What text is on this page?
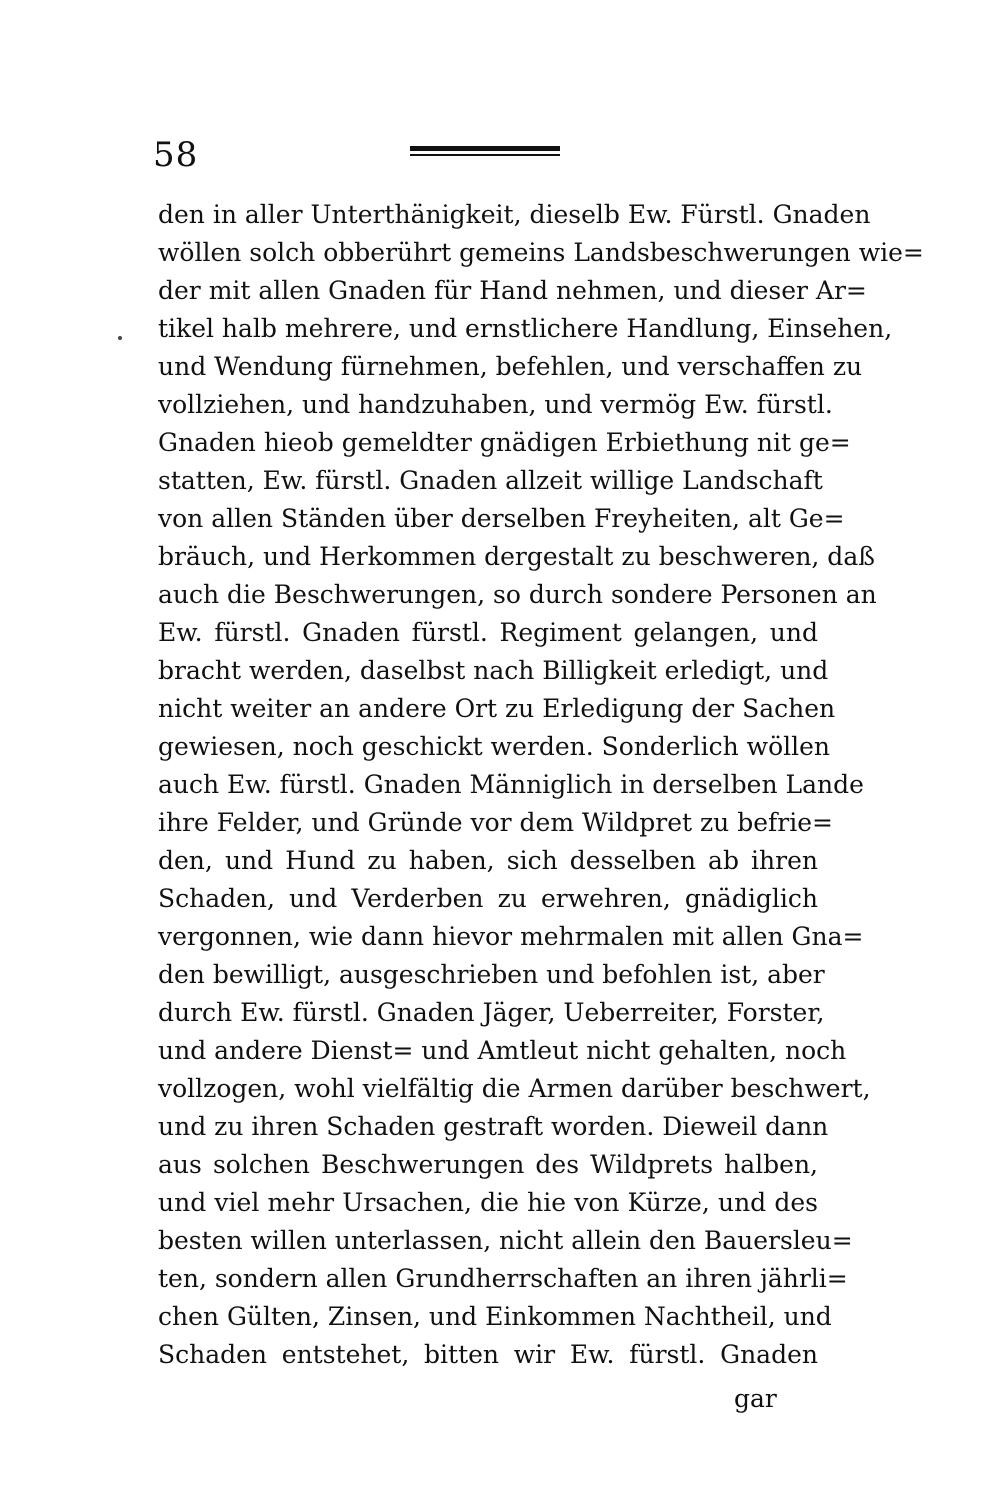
58
den in aller Unterthänigkeit, dieselb Ew. Fürstl. Gnaden
wöllen solch obberührt gemeins Landsbeschwerungen wie=
der mit allen Gnaden für Hand nehmen, und dieser Ar=
tikel halb mehrere, und ernstlichere Handlung, Einsehen,
und Wendung fürnehmen, befehlen, und verschaffen zu
vollziehen, und handzuhaben, und vermög Ew. fürstl.
Gnaden hieob gemeldter gnädigen Erbiethung nit ge=
statten, Ew. fürstl. Gnaden allzeit willige Landschaft
von allen Ständen über derselben Freyheiten, alt Ge=
bräuch, und Herkommen dergestalt zu beschweren, daß
auch die Beschwerungen, so durch sondere Personen an
Ew. fürstl. Gnaden fürstl. Regiment gelangen, und
bracht werden, daselbst nach Billigkeit erledigt, und
nicht weiter an andere Ort zu Erledigung der Sachen
gewiesen, noch geschickt werden. Sonderlich wöllen
auch Ew. fürstl. Gnaden Männiglich in derselben Lande
ihre Felder, und Gründe vor dem Wildpret zu befrie=
den, und Hund zu haben, sich desselben ab ihren
Schaden, und Verderben zu erwehren, gnädiglich
vergonnen, wie dann hievor mehrmalen mit allen Gna=
den bewilligt, ausgeschrieben und befohlen ist, aber
durch Ew. fürstl. Gnaden Jäger, Ueberreiter, Forster,
und andere Dienst= und Amtleut nicht gehalten, noch
vollzogen, wohl vielfältig die Armen darüber beschwert,
und zu ihren Schaden gestraft worden. Dieweil dann
aus solchen Beschwerungen des Wildprets halben,
und viel mehr Ursachen, die hie von Kürze, und des
besten willen unterlassen, nicht allein den Bauersleu=
ten, sondern allen Grundherrschaften an ihren jährli=
chen Gülten, Zinsen, und Einkommen Nachtheil, und
Schaden entstehet, bitten wir Ew. fürstl. Gnaden
gar
